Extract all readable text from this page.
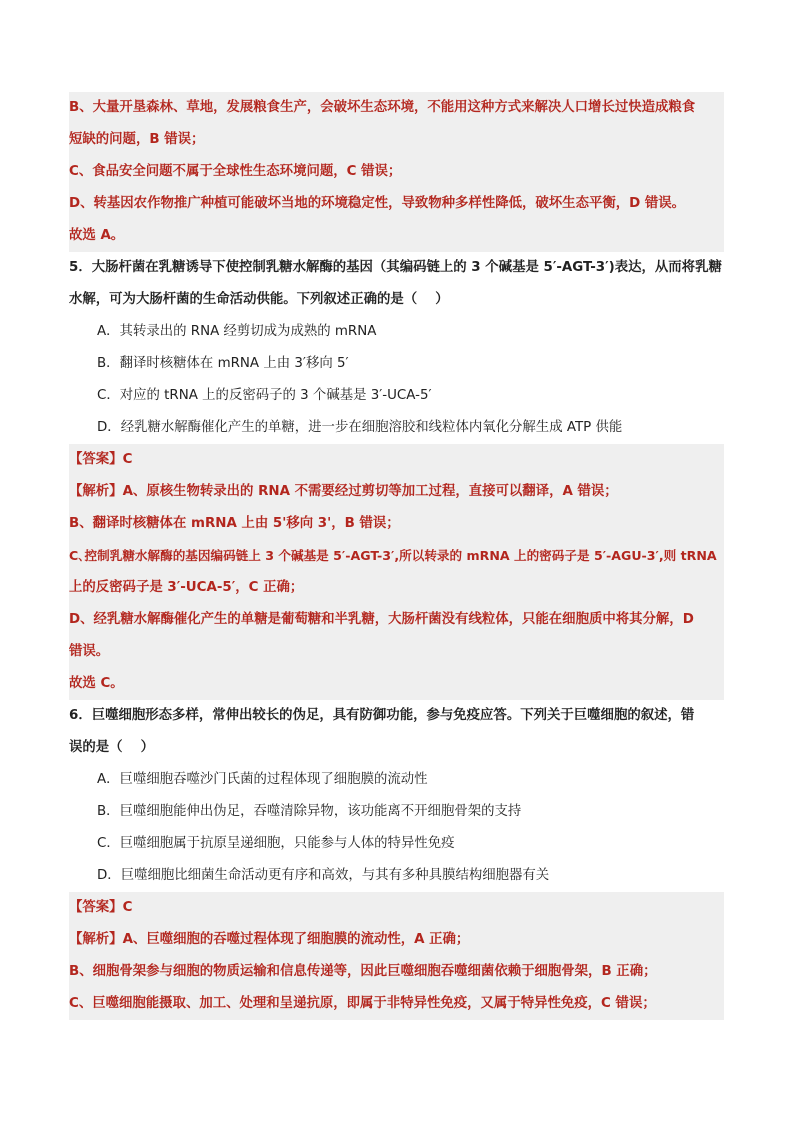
B、大量开垦森林、草地，发展粮食生产，会破坏生态环境，不能用这种方式来解决人口增长过快造成粮食
短缺的问题，B 错误；
C、食品安全问题不属于全球性生态环境问题，C 错误；
D、转基因农作物推广种植可能破坏当地的环境稳定性，导致物种多样性降低，破坏生态平衡，D 错误。
故选 A。
5．大肠杆菌在乳糖诱导下使控制乳糖水解酶的基因（其编码链上的 3 个碱基是 5′-AGT-3′)表达，从而将乳糖
水解，可为大肠杆菌的生命活动供能。下列叙述正确的是（　 ）
A．其转录出的 RNA 经剪切成为成熟的 mRNA
B．翻译时核糖体在 mRNA 上由 3′移向 5′
C．对应的 tRNA 上的反密码子的 3 个碱基是 3′-UCA-5′
D．经乳糖水解酶催化产生的单糖，进一步在细胞溶胶和线粒体内氧化分解生成 ATP 供能
【答案】C
【解析】A、原核生物转录出的 RNA 不需要经过剪切等加工过程，直接可以翻译，A 错误；
B、翻译时核糖体在 mRNA 上由 5'移向 3'，B 错误；
C､控制乳糖水解酶的基因编码链上 3 个碱基是 5′-AGT-3′,所以转录的 mRNA 上的密码子是 5′-AGU-3′,则 tRNA
上的反密码子是 3′-UCA-5′，C 正确；
D、经乳糖水解酶催化产生的单糖是葡萄糖和半乳糖，大肠杆菌没有线粒体，只能在细胞质中将其分解，D
错误。
故选 C。
6．巨噬细胞形态多样，常伸出较长的伪足，具有防御功能，参与免疫应答。下列关于巨噬细胞的叙述，错
误的是（　 ）
A．巨噬细胞吞噬沙门氏菌的过程体现了细胞膜的流动性
B．巨噬细胞能伸出伪足，吞噬清除异物，该功能离不开细胞骨架的支持
C．巨噬细胞属于抗原呈递细胞，只能参与人体的特异性免疫
D．巨噬细胞比细菌生命活动更有序和高效，与其有多种具膜结构细胞器有关
【答案】C
【解析】A、巨噬细胞的吞噬过程体现了细胞膜的流动性，A 正确；
B、细胞骨架参与细胞的物质运输和信息传递等，因此巨噬细胞吞噬细菌依赖于细胞骨架，B 正确；
C、巨噬细胞能摄取、加工、处理和呈递抗原，即属于非特异性免疫，又属于特异性免疫，C 错误；
